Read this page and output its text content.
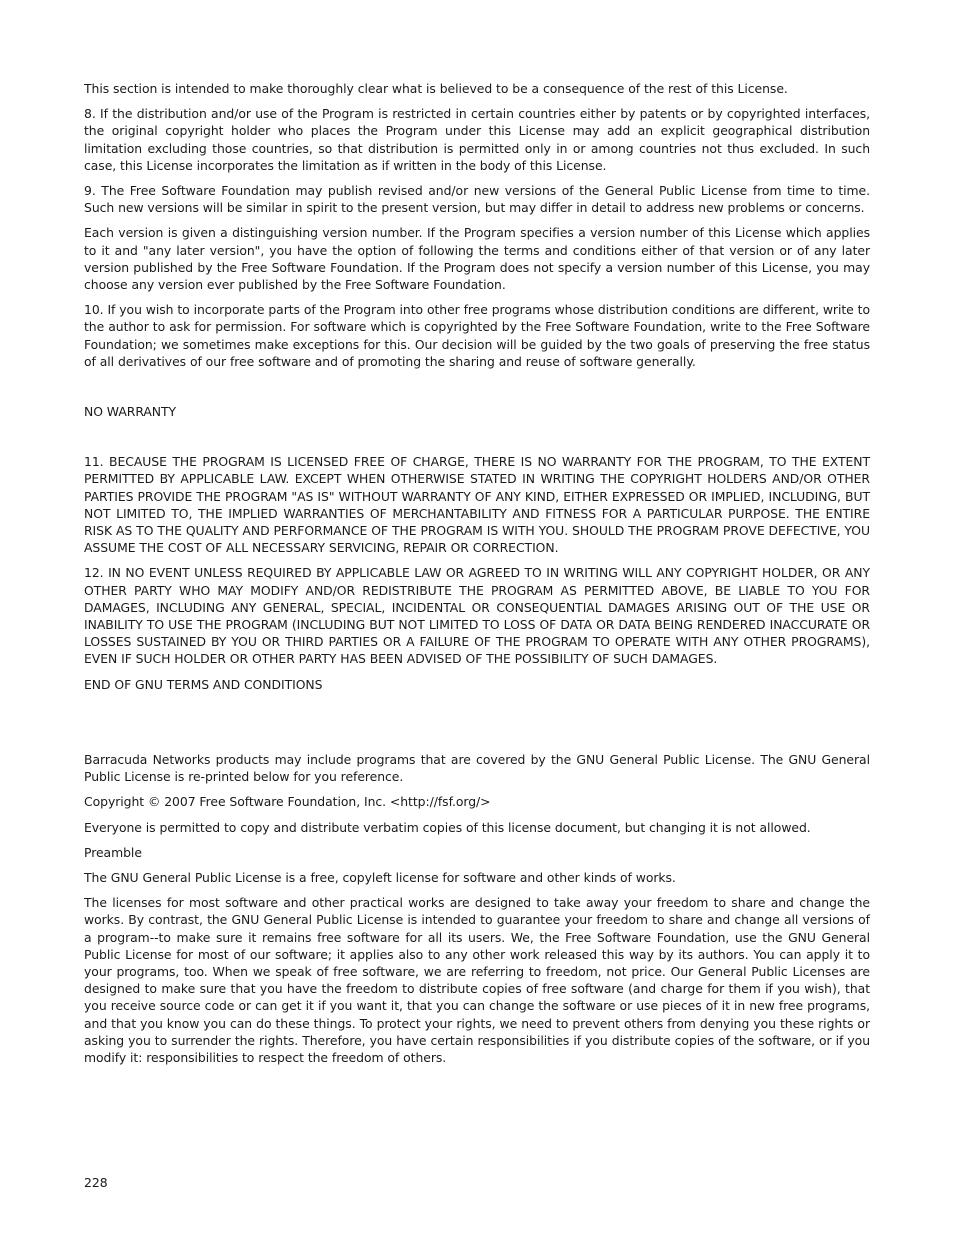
This section is intended to make thoroughly clear what is believed to be a consequence of the rest of this License.

8. If the distribution and/or use of the Program is restricted in certain countries either by patents or by copyrighted interfaces, the original copyright holder who places the Program under this License may add an explicit geographical distribution limitation excluding those countries, so that distribution is permitted only in or among countries not thus excluded. In such case, this License incorporates the limitation as if written in the body of this License.

9. The Free Software Foundation may publish revised and/or new versions of the General Public License from time to time. Such new versions will be similar in spirit to the present version, but may differ in detail to address new problems or concerns.

Each version is given a distinguishing version number. If the Program specifies a version number of this License which applies to it and "any later version", you have the option of following the terms and conditions either of that version or of any later version published by the Free Software Foundation. If the Program does not specify a version number of this License, you may choose any version ever published by the Free Software Foundation.

10. If you wish to incorporate parts of the Program into other free programs whose distribution conditions are different, write to the author to ask for permission. For software which is copyrighted by the Free Software Foundation, write to the Free Software Foundation; we sometimes make exceptions for this. Our decision will be guided by the two goals of preserving the free status of all derivatives of our free software and of promoting the sharing and reuse of software generally.

NO WARRANTY

11. BECAUSE THE PROGRAM IS LICENSED FREE OF CHARGE, THERE IS NO WARRANTY FOR THE PROGRAM, TO THE EXTENT PERMITTED BY APPLICABLE LAW. EXCEPT WHEN OTHERWISE STATED IN WRITING THE COPYRIGHT HOLDERS AND/OR OTHER PARTIES PROVIDE THE PROGRAM "AS IS" WITHOUT WARRANTY OF ANY KIND, EITHER EXPRESSED OR IMPLIED, INCLUDING, BUT NOT LIMITED TO, THE IMPLIED WARRANTIES OF MERCHANTABILITY AND FITNESS FOR A PARTICULAR PURPOSE. THE ENTIRE RISK AS TO THE QUALITY AND PERFORMANCE OF THE PROGRAM IS WITH YOU. SHOULD THE PROGRAM PROVE DEFECTIVE, YOU ASSUME THE COST OF ALL NECESSARY SERVICING, REPAIR OR CORRECTION.

12. IN NO EVENT UNLESS REQUIRED BY APPLICABLE LAW OR AGREED TO IN WRITING WILL ANY COPYRIGHT HOLDER, OR ANY OTHER PARTY WHO MAY MODIFY AND/OR REDISTRIBUTE THE PROGRAM AS PERMITTED ABOVE, BE LIABLE TO YOU FOR DAMAGES, INCLUDING ANY GENERAL, SPECIAL, INCIDENTAL OR CONSEQUENTIAL DAMAGES ARISING OUT OF THE USE OR INABILITY TO USE THE PROGRAM (INCLUDING BUT NOT LIMITED TO LOSS OF DATA OR DATA BEING RENDERED INACCURATE OR LOSSES SUSTAINED BY YOU OR THIRD PARTIES OR A FAILURE OF THE PROGRAM TO OPERATE WITH ANY OTHER PROGRAMS), EVEN IF SUCH HOLDER OR OTHER PARTY HAS BEEN ADVISED OF THE POSSIBILITY OF SUCH DAMAGES.

END OF GNU TERMS AND CONDITIONS

Barracuda Networks products may include programs that are covered by the GNU General Public License. The GNU General Public License is re-printed below for you reference.

Copyright © 2007 Free Software Foundation, Inc. <http://fsf.org/>

Everyone is permitted to copy and distribute verbatim copies of this license document, but changing it is not allowed.

Preamble

The GNU General Public License is a free, copyleft license for software and other kinds of works.

The licenses for most software and other practical works are designed to take away your freedom to share and change the works. By contrast, the GNU General Public License is intended to guarantee your freedom to share and change all versions of a program--to make sure it remains free software for all its users. We, the Free Software Foundation, use the GNU General Public License for most of our software; it applies also to any other work released this way by its authors. You can apply it to your programs, too. When we speak of free software, we are referring to freedom, not price. Our General Public Licenses are designed to make sure that you have the freedom to distribute copies of free software (and charge for them if you wish), that you receive source code or can get it if you want it, that you can change the software or use pieces of it in new free programs, and that you know you can do these things. To protect your rights, we need to prevent others from denying you these rights or asking you to surrender the rights. Therefore, you have certain responsibilities if you distribute copies of the software, or if you modify it: responsibilities to respect the freedom of others.

228
